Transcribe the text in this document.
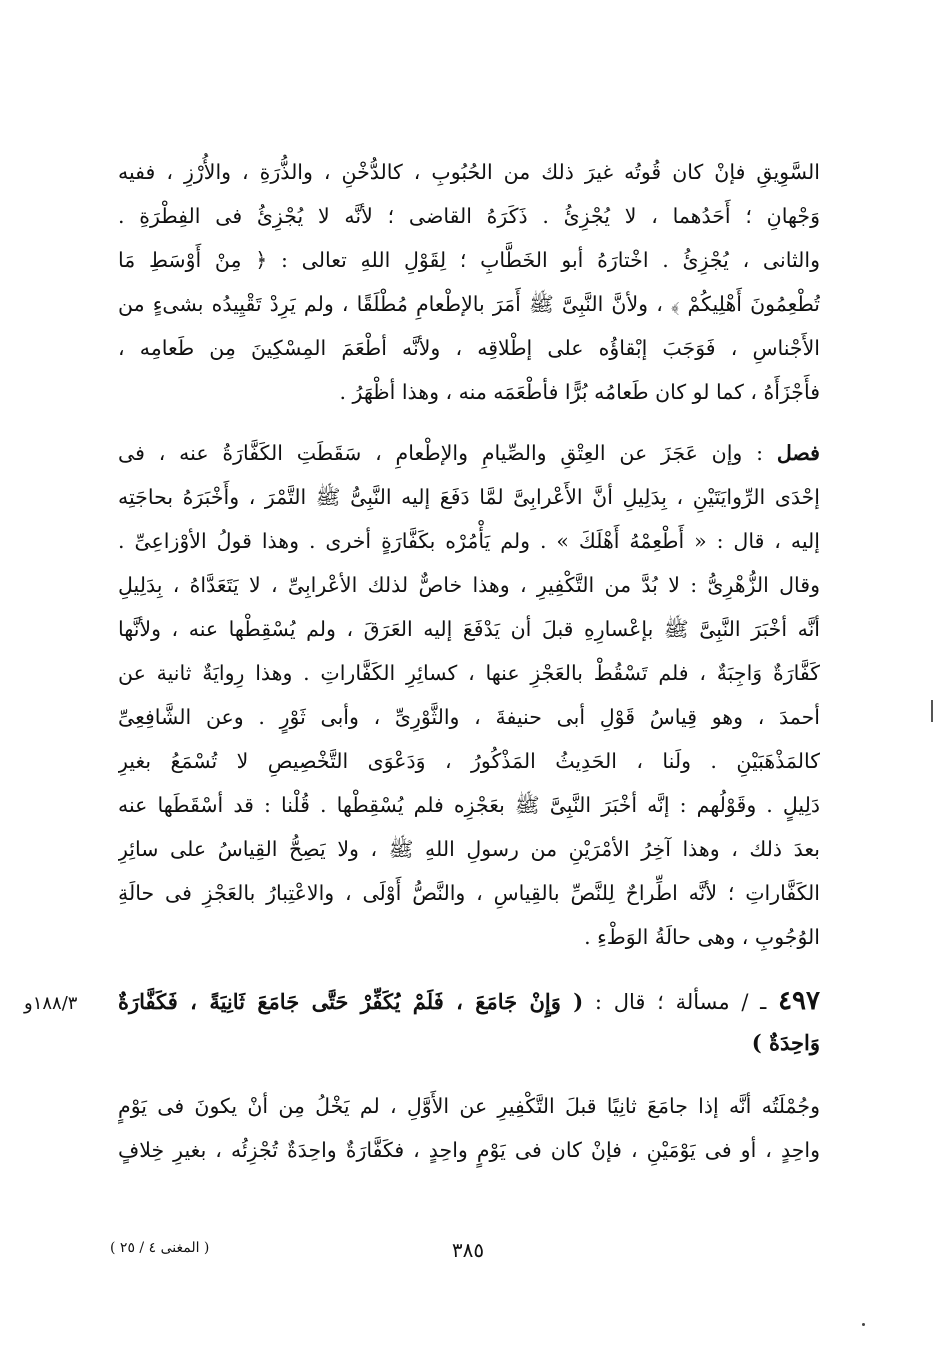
السَّوِيقِ فإنْ كان قُوتُه غيرَ ذلك من الحُبُوبِ ، كالدُّخْنِ ، والذُّرَةِ ، والأُرْزِ ، ففيه
وَجْهانِ ؛ أَحَدُهما ، لا يُجْزِئُ . ذَكَرَهُ القاضى ؛ لأنَّه لا يُجْزِئُ فى الفِطْرَةِ .
والثانى ، يُجْزِئُ . اخْتارَهُ أبو الخَطَّابِ ؛ لِقَوْلِ اللهِ تعالى : ﴿ مِنْ أَوْسَطِ مَا
تُطْعِمُونَ أَهْلِيكُمْ ﴾ ، ولأنَّ النَّبِىَّ ﷺ أَمَرَ بالإطْعامِ مُطْلَقًا ، ولم يَرِدْ تَقْيِيدُه بشىءٍ من
الأَجْناسِ ، فَوَجَبَ إبْقاؤُه على إطْلاقِه ، ولأنَّه أطْعَمَ المِسْكِينَ مِن طَعامِه ،
فأَجْزَأَهُ ، كما لو كان طَعامُه بُرًّا فأطْعَمَه منه ، وهذا أظْهَرُ .
فصل : وإن عَجَزَ عن العِتْقِ والصِّيامِ والإطْعامِ ، سَقَطَتِ الكَفَّارَةُ عنه ، فى
إحْدَى الرِّوايَتَيْنِ ، بِدَلِيلِ أنَّ الأَعْرابِىَّ لمَّا دَفَعَ إليه النَّبِىُّ ﷺ التَّمْرَ ، وأَخْبَرَهُ بحاجَتِه
إليه ، قال : « أَطْعِمْهُ أَهْلَكَ » . ولم يَأْمُرْه بكَفَّارَةٍ أخرى . وهذا قولُ الأوْزاعِىِّ .
وقال الزُّهْرِىُّ : لا بُدَّ من التَّكْفِيرِ ، وهذا خاصٌّ لذلك الأعْرابِىِّ ، لا يَتَعَدَّاهُ ، بِدَلِيلِ
أنَّه أخْبَرَ النَّبِىَّ ﷺ بإعْسارِهِ قبلَ أن يَدْفَعَ إليه العَرَقَ ، ولم يُسْقِطْها عنه ، ولأنَّها
كَفَّارَةٌ وَاجِبَةٌ ، فلم تَسْقُطْ بالعَجْزِ عنها ، كسائِرِ الكَفَّاراتِ . وهذا رِوايَةٌ ثانية عن
أحمدَ ، وهو قِياسُ قَوْلِ أبى حنيفةَ ، والثَّوْرِىِّ ، وأبى ثَوْرٍ . وعن الشَّافِعِىِّ
كالمَذْهَبَيْنِ . ولَنا ، الحَدِيثُ المَذْكُورُ ، وَدَعْوَى التَّخْصِيصِ لا تُسْمَعُ بغيرِ
دَلِيلٍ . وقَوْلُهم : إنَّه أخْبَرَ النَّبِىَّ ﷺ بعَجْزِه فلم يُسْقِطْها . قُلْنا : قد أسْقَطَها عنه
بعدَ ذلك ، وهذا آخِرُ الأمْرَيْنِ من رسولِ اللهِ ﷺ ، ولا يَصِحُّ القِياسُ على سائِرِ
الكَفَّاراتِ ؛ لأنَّه اطِّراحٌ لِلنَّصِّ بالقِياسِ ، والنَّصُّ أَوْلَى ، والاعْتِبارُ بالعَجْزِ فى حالَةِ
الوُجُوبِ ، وهى حالَةُ الوَطْءِ .
٤٩٧ ـ / مسألة ؛ قال : ( وَإِنْ جَامَعَ ، فَلَمْ يُكَفِّرْ حَتَّى جَامَعَ ثَانِيَةً ، فَكَفَّارَةٌ
وَاحِدَةٌ )
١٨٨/٣و
وجُمْلَتُه أنَّه إذا جامَعَ ثانِيًا قبلَ التَّكْفِيرِ عن الأَوَّلِ ، لم يَخْلُ مِن أنْ يكونَ فى يَوْمٍ
واحِدٍ ، أو فى يَوْمَيْنِ ، فإنْ كان فى يَوْمٍ واحِدٍ ، فكَفَّارَةٌ واحِدَةٌ تُجْزِئُه ، بغيرِ خِلافٍ
٣٨٥
( المغنى ٤ / ٢٥ )
